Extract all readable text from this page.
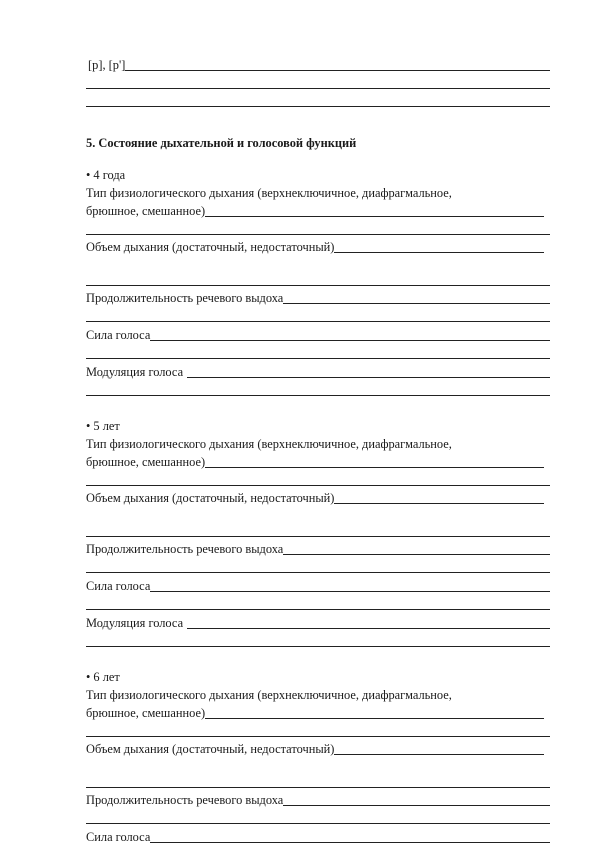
[р], [р']
5. Состояние дыхательной и голосовой функций
• 4 года
Тип физиологического дыхания (верхнеключичное, диафрагмальное,
брюшное, смешанное)
Объем дыхания (достаточный, недостаточный)
Продолжительность речевого выдоха
Сила голоса
Модуляция голоса
• 5 лет
Тип физиологического дыхания (верхнеключичное, диафрагмальное,
брюшное, смешанное)
Объем дыхания (достаточный, недостаточный)
Продолжительность речевого выдоха
Сила голоса
Модуляция голоса
• 6 лет
Тип физиологического дыхания (верхнеключичное, диафрагмальное,
брюшное, смешанное)
Объем дыхания (достаточный, недостаточный)
Продолжительность речевого выдоха
Сила голоса
